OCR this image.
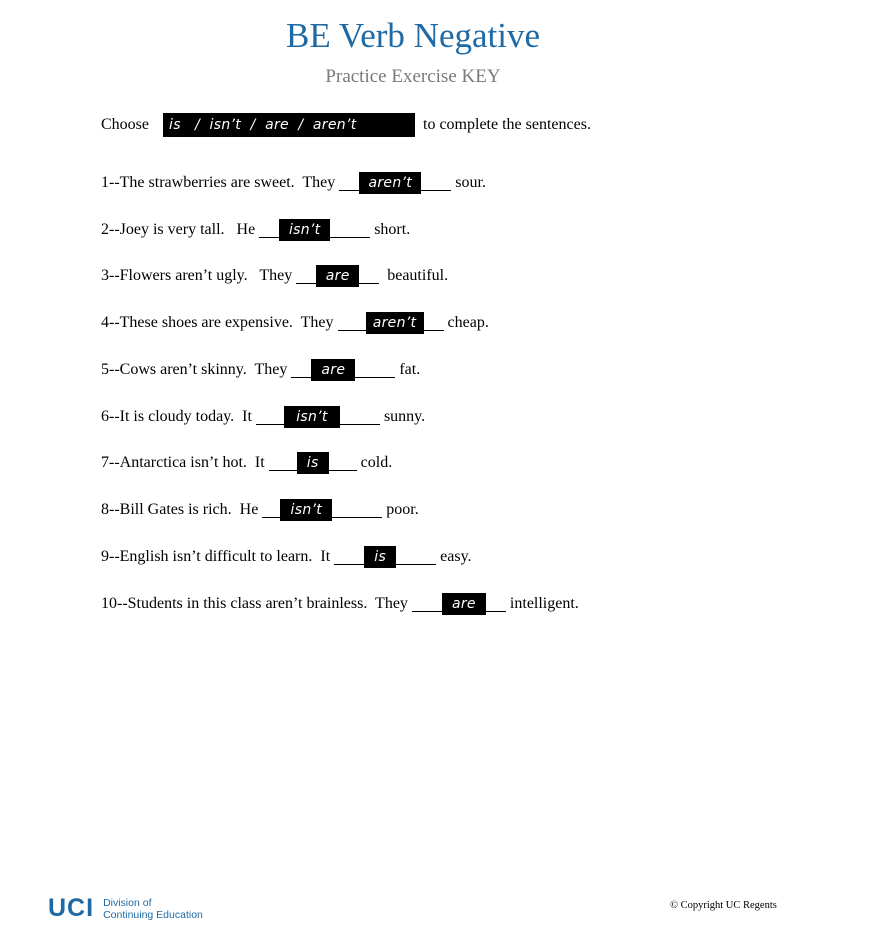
BE Verb Negative
Practice Exercise KEY
Choose	is   /  isn’t  /  are  /  aren’t	to complete the sentences.
1--The strawberries are sweet.  They	aren’t	sour.
2--Joey is very tall.   He	isn’t	short.
3--Flowers aren’t ugly.   They	are	beautiful.
4--These shoes are expensive.  They	aren’t	cheap.
5--Cows aren’t skinny.  They	are	fat.
6--It is cloudy today.  It	isn’t	sunny.
7--Antarctica isn’t hot.  It	is	cold.
8--Bill Gates is rich.  He	isn’t	poor.
9--English isn’t difficult to learn.  It	is	easy.
10--Students in this class aren’t brainless.  They	are	intelligent.
UCI Division of
Continuing Education
© Copyright UC Regents
